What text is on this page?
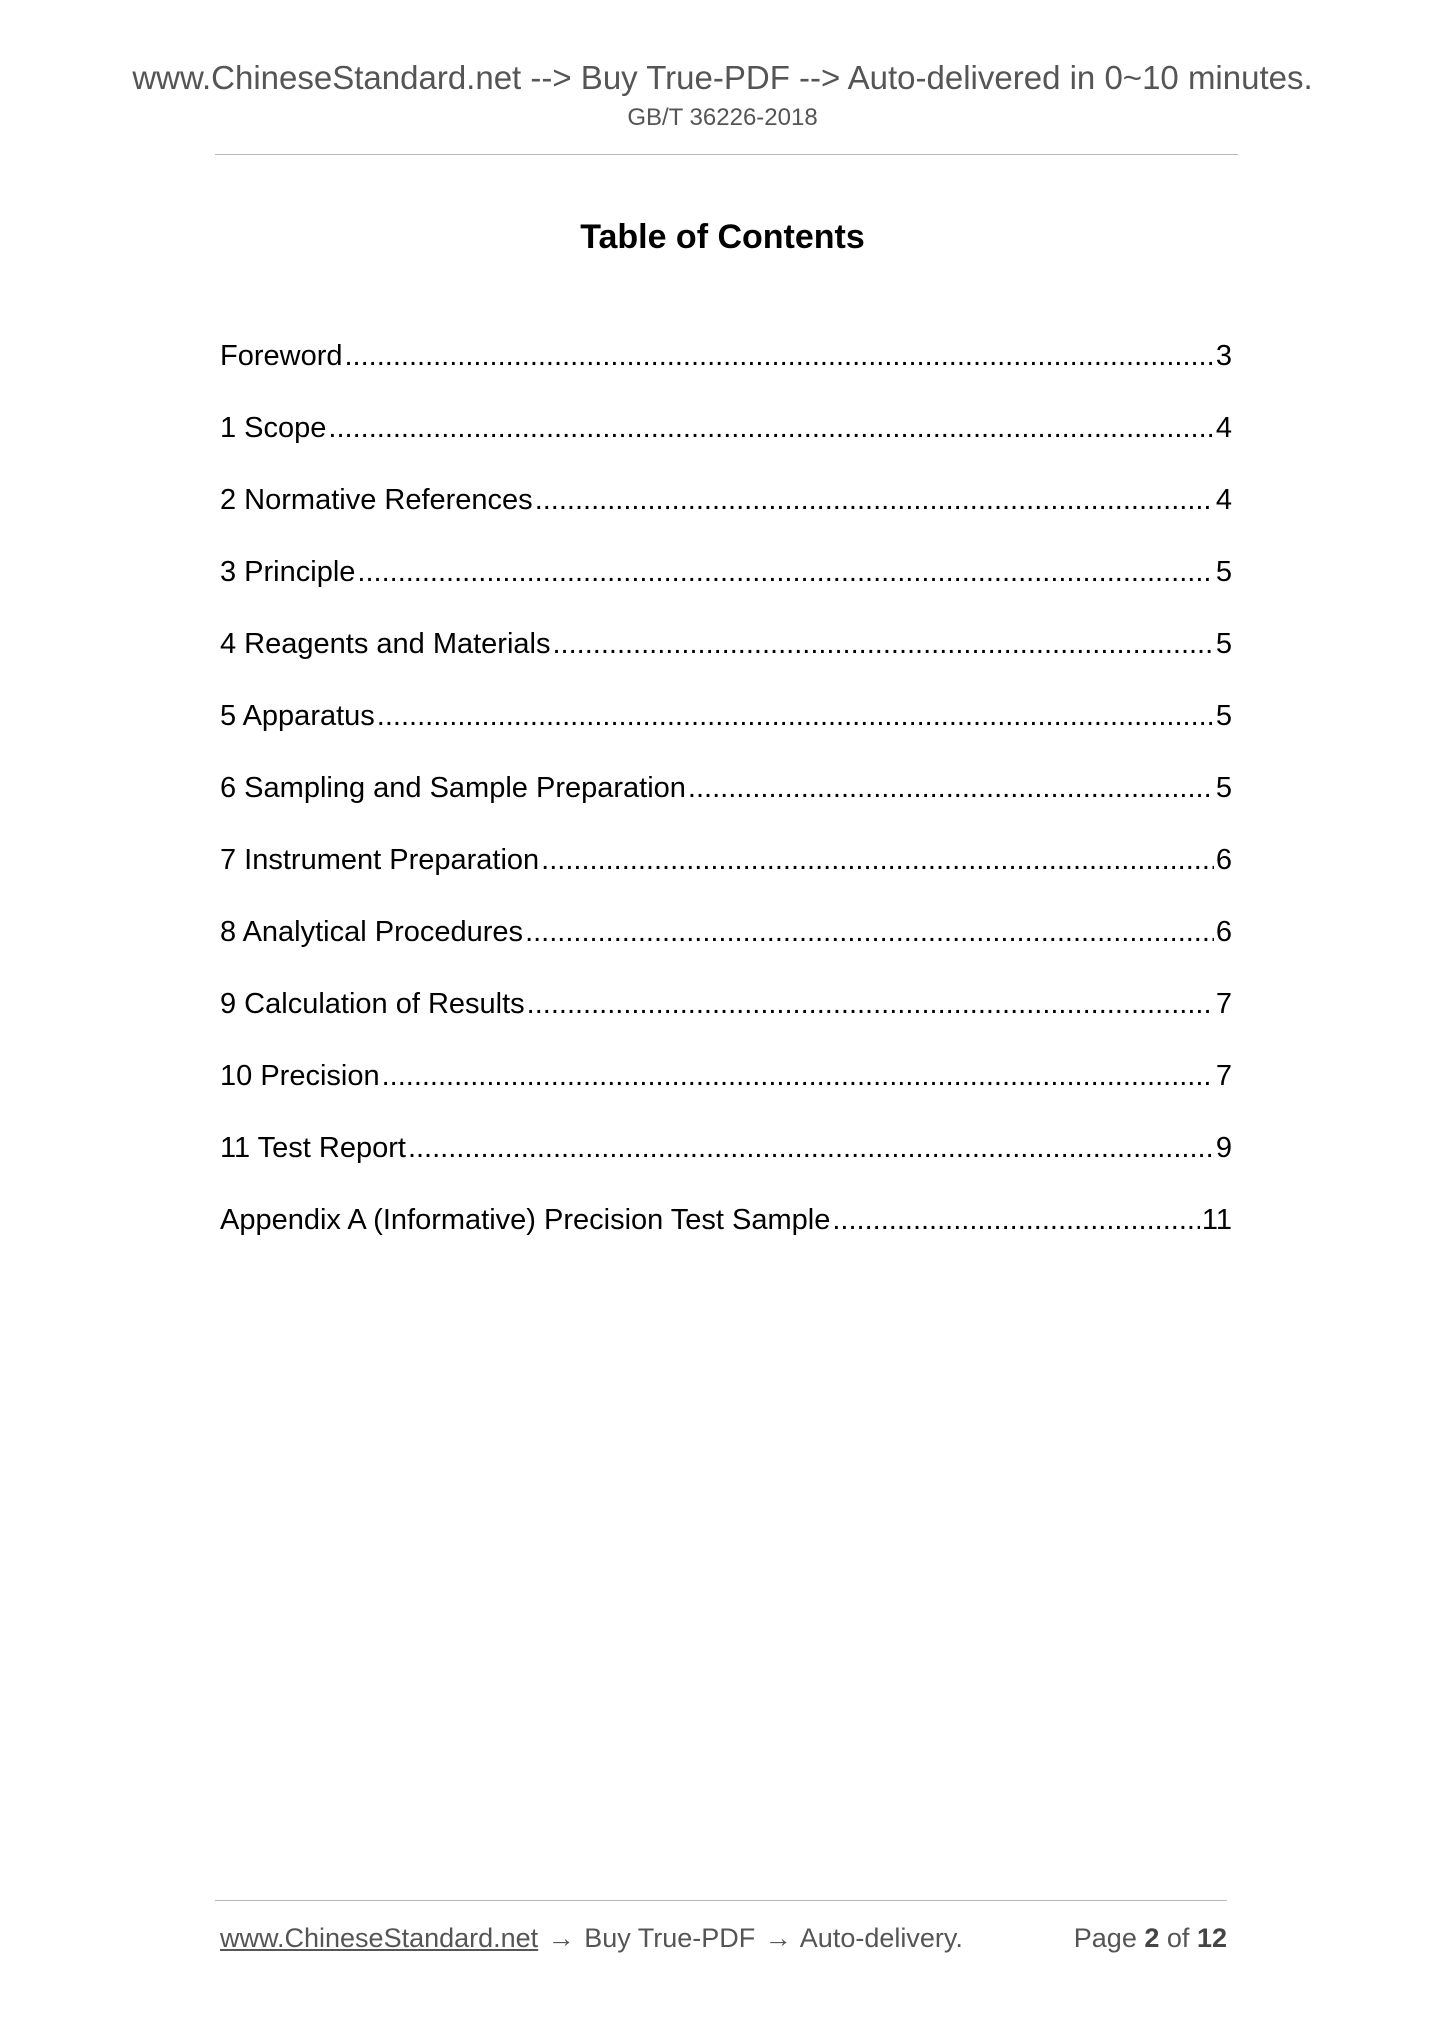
www.ChineseStandard.net --> Buy True-PDF --> Auto-delivered in 0~10 minutes.
GB/T 36226-2018
Table of Contents
Foreword .....	3
1 Scope .....	4
2 Normative References .....	4
3 Principle .....	5
4 Reagents and Materials .....	5
5 Apparatus .....	5
6 Sampling and Sample Preparation .....	5
7 Instrument Preparation .....	6
8 Analytical Procedures .....	6
9 Calculation of Results .....	7
10 Precision .....	7
11 Test Report .....	9
Appendix A (Informative) Precision Test Sample .....	11
www.ChineseStandard.net → Buy True-PDF → Auto-delivery.	Page 2 of 12
